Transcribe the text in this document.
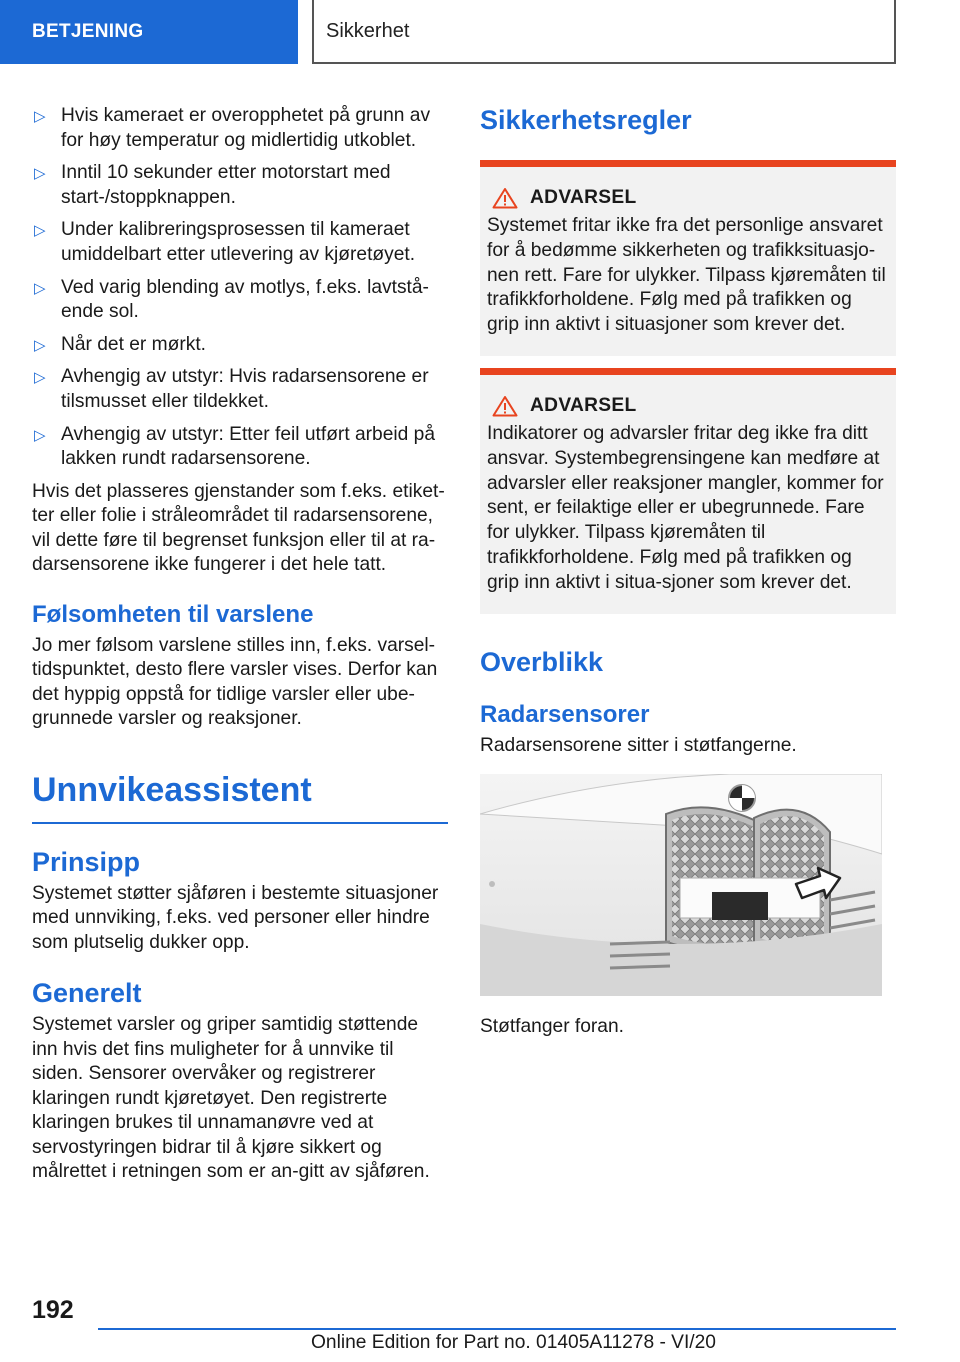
BETJENING	Sikkerhet
▷ Hvis kameraet er overopphetet på grunn av for høy temperatur og midlertidig utkoblet.
▷ Inntil 10 sekunder etter motorstart med start-/stoppknappen.
▷ Under kalibreringsprosessen til kameraet umiddelbart etter utlevering av kjøretøyet.
▷ Ved varig blending av motlys, f.eks. lavtstå-ende sol.
▷ Når det er mørkt.
▷ Avhengig av utstyr: Hvis radarsensorene er tilsmusset eller tildekket.
▷ Avhengig av utstyr: Etter feil utført arbeid på lakken rundt radarsensorene.

Hvis det plasseres gjenstander som f.eks. etiket-ter eller folie i stråleområdet til radarsensorene, vil dette føre til begrenset funksjon eller til at ra-darsensorene ikke fungerer i det hele tatt.

Følsomheten til varslene

Jo mer følsom varslene stilles inn, f.eks. varsel-tidspunktet, desto flere varsler vises. Derfor kan det hyppig oppstå for tidlige varsler eller ube-grunnede varsler og reaksjoner.

Unnvikeassistent
Prinsipp

Systemet støtter sjåføren i bestemte situasjoner med unnviking, f.eks. ved personer eller hindre som plutselig dukker opp.

Generelt

Systemet varsler og griper samtidig støttende inn hvis det fins muligheter for å unnvike til siden. Sensorer overvåker og registrerer klaringen rundt kjøretøyet. Den registrerte klaringen brukes til unnamanøvre ved at servostyringen bidrar til å kjøre sikkert og målrettet i retningen som er an-gitt av sjåføren.

Sikkerhetsregler
ADVARSEL

Systemet fritar ikke fra det personlige ansvaret for å bedømme sikkerheten og trafikksituasjo-nen rett. Fare for ulykker. Tilpass kjøremåten til trafikkforholdene. Følg med på trafikken og grip inn aktivt i situasjoner som krever det.

ADVARSEL

Indikatorer og advarsler fritar deg ikke fra ditt ansvar. Systembegrensingene kan medføre at advarsler eller reaksjoner mangler, kommer for sent, er feilaktige eller er ubegrunnede. Fare for ulykker. Tilpass kjøremåten til trafikkforholdene. Følg med på trafikken og grip inn aktivt i situa-sjoner som krever det.

Overblikk
Radarsensorer

Radarsensorene sitter i støtfangerne.

Støtfanger foran.

192
Online Edition for Part no. 01405A11278 - VI/20
